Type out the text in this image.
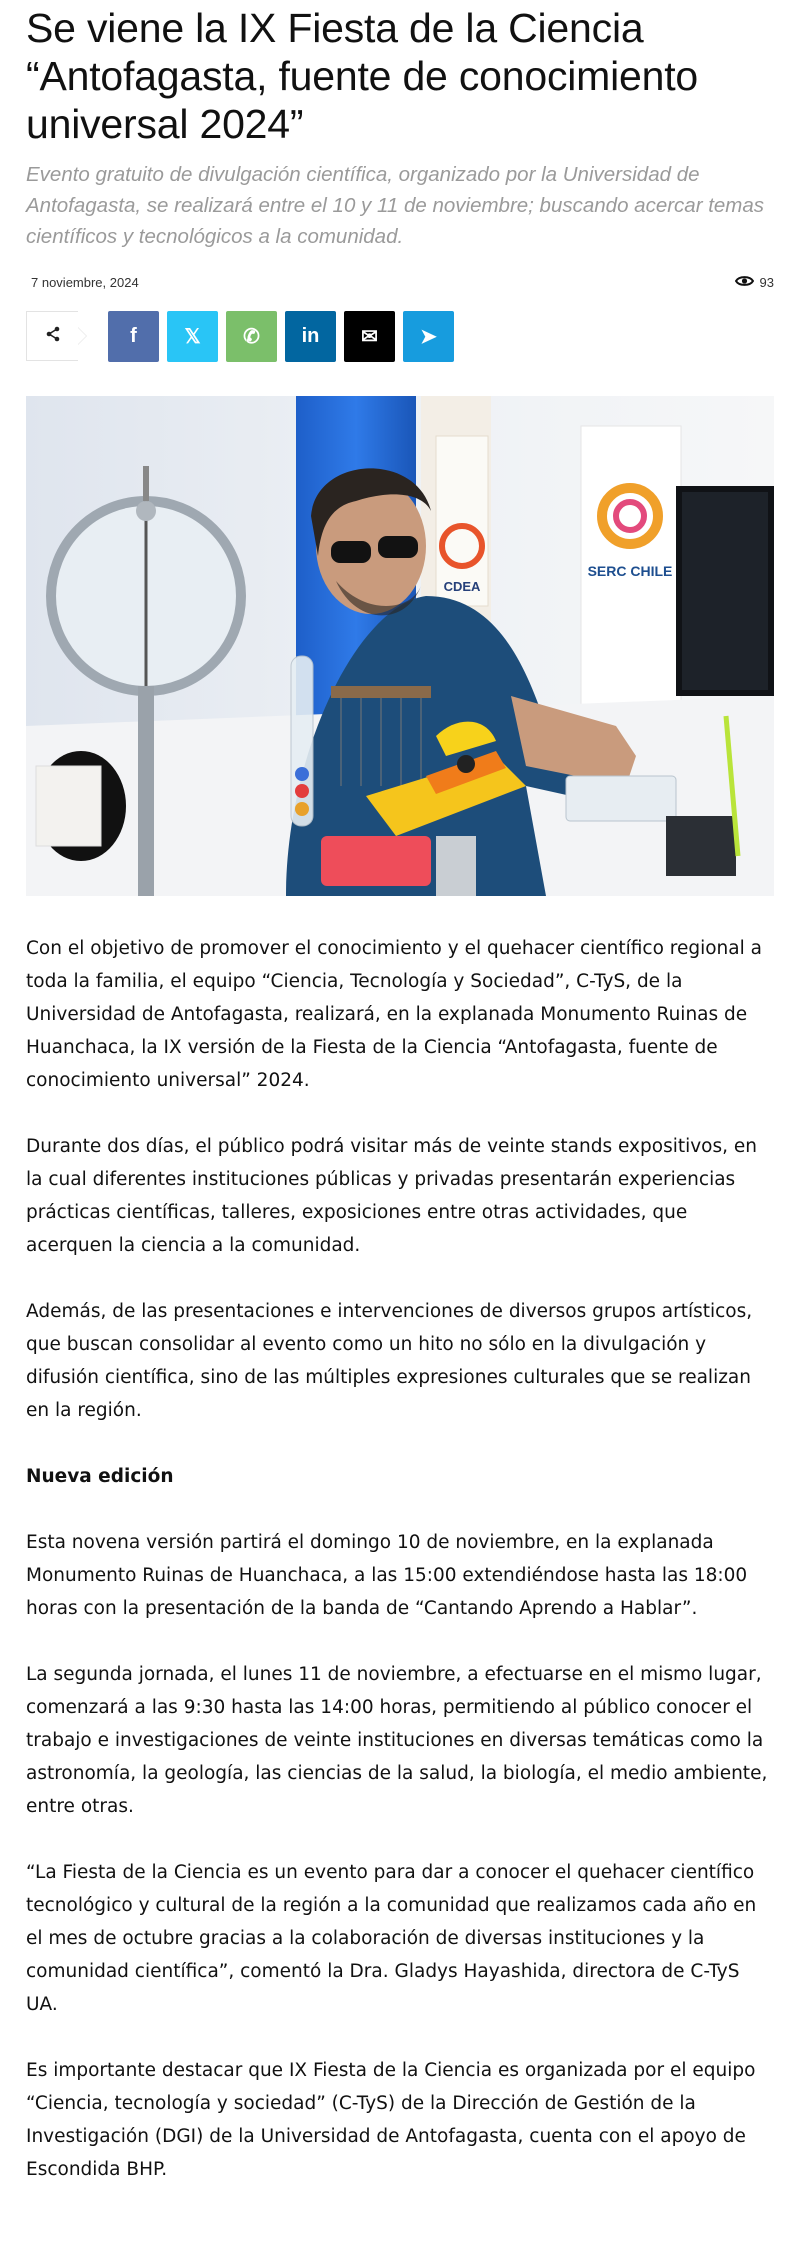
Se viene la IX Fiesta de la Ciencia “Antofagasta, fuente de conocimiento universal 2024”

Evento gratuito de divulgación científica, organizado por la Universidad de Antofagasta, se realizará entre el 10 y 11 de noviembre; buscando acercar temas científicos y tecnológicos a la comunidad.

7 noviembre, 2024	93
f 𝕏 ✆ in ✉ ➤
CDEA
SERC CHILE

Con el objetivo de promover el conocimiento y el quehacer científico regional a toda la familia, el equipo “Ciencia, Tecnología y Sociedad”, C-TyS, de la Universidad de Antofagasta, realizará, en la explanada Monumento Ruinas de Huanchaca, la IX versión de la Fiesta de la Ciencia “Antofagasta, fuente de conocimiento universal” 2024.

Durante dos días, el público podrá visitar más de veinte stands expositivos, en la cual diferentes instituciones públicas y privadas presentarán experiencias prácticas científicas, talleres, exposiciones entre otras actividades, que acerquen la ciencia a la comunidad.

Además, de las presentaciones e intervenciones de diversos grupos artísticos, que buscan consolidar al evento como un hito no sólo en la divulgación y difusión científica, sino de las múltiples expresiones culturales que se realizan en la región.

Nueva edición

Esta novena versión partirá el domingo 10 de noviembre, en la explanada Monumento Ruinas de Huanchaca, a las 15:00 extendiéndose hasta las 18:00 horas con la presentación de la banda de “Cantando Aprendo a Hablar”.

La segunda jornada, el lunes 11 de noviembre, a efectuarse en el mismo lugar, comenzará a las 9:30 hasta las 14:00 horas, permitiendo al público conocer el trabajo e investigaciones de veinte instituciones en diversas temáticas como la astronomía, la geología, las ciencias de la salud, la biología, el medio ambiente, entre otras.

“La Fiesta de la Ciencia es un evento para dar a conocer el quehacer científico tecnológico y cultural de la región a la comunidad que realizamos cada año en el mes de octubre gracias a la colaboración de diversas instituciones y la comunidad científica”, comentó la Dra. Gladys Hayashida, directora de C-TyS UA.

Es importante destacar que IX Fiesta de la Ciencia es organizada por el equipo “Ciencia, tecnología y sociedad” (C-TyS) de la Dirección de Gestión de la Investigación (DGI) de la Universidad de Antofagasta, cuenta con el apoyo de Escondida BHP.
